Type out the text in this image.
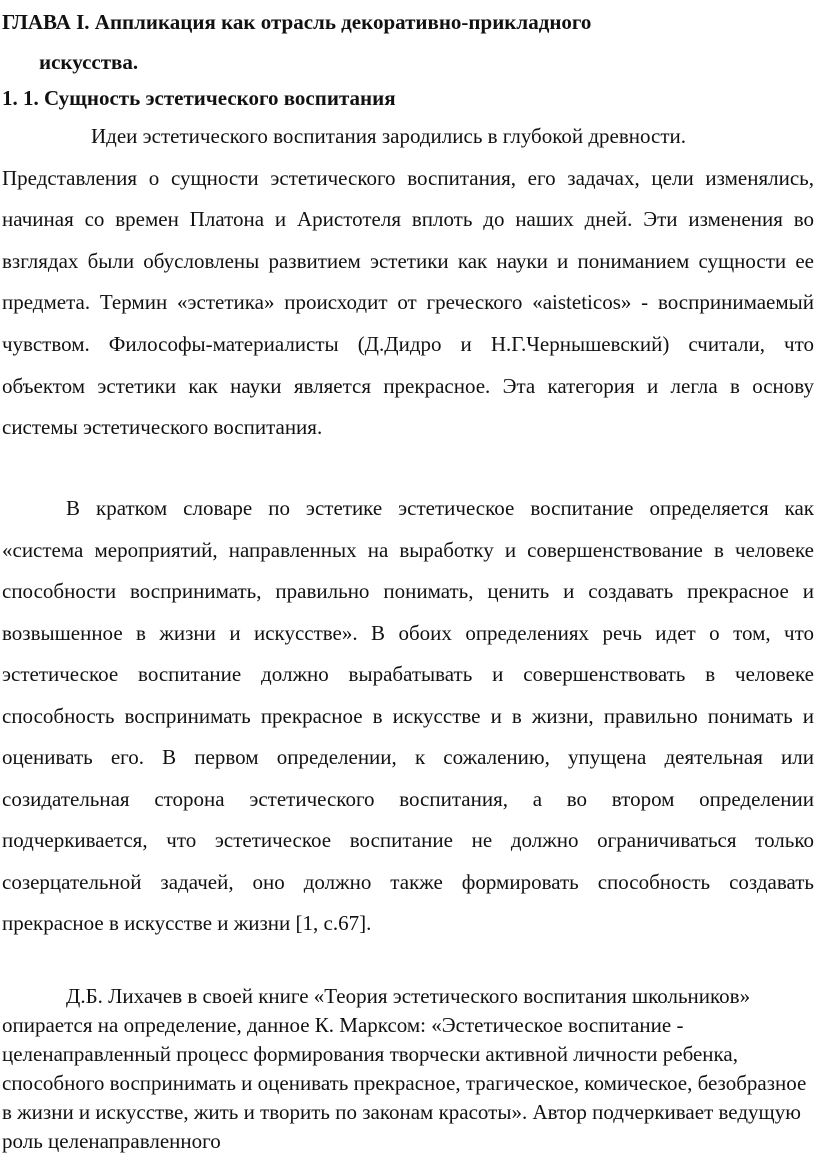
ГЛАВА I. Аппликация как отрасль декоративно-прикладного
искусства.
1. 1. Сущность эстетического воспитания

Идеи эстетического воспитания зародились в глубокой древности.
Представления о сущности эстетического воспитания, его задачах, цели изменялись, начиная со времен Платона и Аристотеля вплоть до наших дней. Эти изменения во взглядах были обусловлены развитием эстетики как науки и пониманием сущности ее предмета. Термин «эстетика» происходит от греческого «aisteticos» - воспринимаемый чувством. Философы-материалисты (Д.Дидро и Н.Г.Чернышевский) считали, что объектом эстетики как науки является прекрасное. Эта категория и легла в основу системы эстетического воспитания.

В кратком словаре по эстетике эстетическое воспитание определяется как «система мероприятий, направленных на выработку и совершенствование в человеке способности воспринимать, правильно понимать, ценить и создавать прекрасное и возвышенное в жизни и искусстве». В обоих определениях речь идет о том, что эстетическое воспитание должно вырабатывать и совершенствовать в человеке способность воспринимать прекрасное в искусстве и в жизни, правильно понимать и оценивать его. В первом определении, к сожалению, упущена деятельная или созидательная сторона эстетического воспитания, а во втором определении подчеркивается, что эстетическое воспитание не должно ограничиваться только созерцательной задачей, оно должно также формировать способность создавать прекрасное в искусстве и жизни [1, с.67].

Д.Б. Лихачев в своей книге «Теория эстетического воспитания школьников» опирается на определение, данное К. Марксом: «Эстетическое воспитание - целенаправленный процесс формирования творчески активной личности ребенка, способного воспринимать и оценивать прекрасное, трагическое, комическое, безобразное в жизни и искусстве, жить и творить по законам красоты». Автор подчеркивает ведущую роль целенаправленного
